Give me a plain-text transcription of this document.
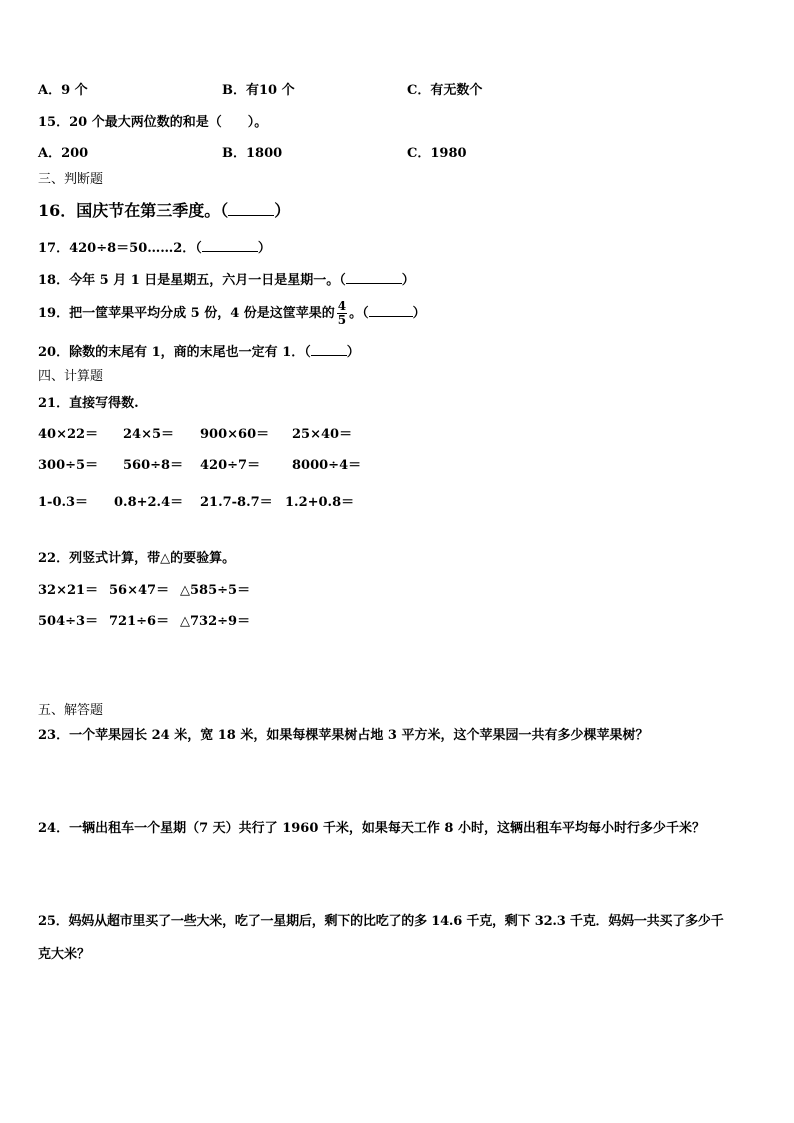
A．9 个	B．有10 个	C．有无数个
15．20 个最大两位数的和是（　　）。
A．200	B．1800	C．1980
三、判断题
16．国庆节在第三季度。（	）
17．420÷8＝50……2．（	）
18．今年 5 月 1 日是星期五，六月一日是星期一。（	）
19．把一筐苹果平均分成 5 份，4 份是这筐苹果的 $\frac{4}{5}$ 。（	）
20．除数的末尾有 1，商的末尾也一定有 1．（	）
四、计算题
21．直接写得数.
40×22＝ 24×5＝ 900×60＝ 25×40＝
300÷5＝ 560÷8＝ 420÷7＝ 8000÷4＝
1-0.3＝ 0.8+2.4＝ 21.7-8.7＝ 1.2+0.8＝
22．列竖式计算，带△的要验算。
32×21＝ 56×47＝ △585÷5＝
504÷3＝ 721÷6＝ △732÷9＝
五、解答题
23．一个苹果园长 24 米，宽 18 米，如果每棵苹果树占地 3 平方米，这个苹果园一共有多少棵苹果树？
24．一辆出租车一个星期（7 天）共行了 1960 千米，如果每天工作 8 小时，这辆出租车平均每小时行多少千米？
25．妈妈从超市里买了一些大米，吃了一星期后，剩下的比吃了的多 14.6 千克，剩下 32.3 千克．妈妈一共买了多少千
克大米？
